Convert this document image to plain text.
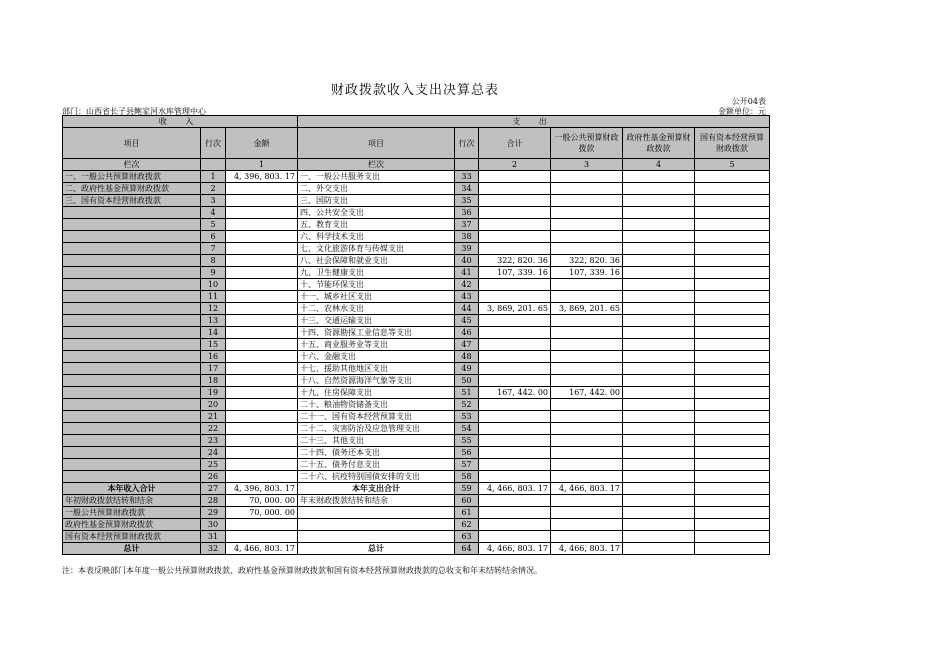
财政拨款收入支出决算总表
公开04表
部门：山西省长子县鲍家河水库管理中心	金额单位：元
收 入			支 出					
项目	行次	金额	项目	行次	合计	一般公共预算财政拨款	政府性基金预算财政拨款	国有资本经营预算财政拨款
栏次		1	栏次		2	3	4	5
一、一般公共预算财政拨款	1	4, 396, 803. 17	一、一般公共服务支出	33				
二、政府性基金预算财政拨款	2		二、外交支出	34				
三、国有资本经营财政拨款	3		三、国防支出	35				
	4		四、公共安全支出	36				
	5		五、教育支出	37				
	6		六、科学技术支出	38				
	7		七、文化旅游体育与传媒支出	39				
	8		八、社会保障和就业支出	40	322, 820. 36	322, 820. 36		
	9		九、卫生健康支出	41	107, 339. 16	107, 339. 16		
	10		十、节能环保支出	42				
	11		十一、城乡社区支出	43				
	12		十二、农林水支出	44	3, 869, 201. 65	3, 869, 201. 65		
	13		十三、交通运输支出	45				
	14		十四、资源勘探工业信息等支出	46				
	15		十五、商业服务业等支出	47				
	16		十六、金融支出	48				
	17		十七、援助其他地区支出	49				
	18		十八、自然资源海洋气象等支出	50				
	19		十九、住房保障支出	51	167, 442. 00	167, 442. 00		
	20		二十、粮油物资储备支出	52				
	21		二十一、国有资本经营预算支出	53				
	22		二十二、灾害防治及应急管理支出	54				
	23		二十三、其他支出	55				
	24		二十四、债务还本支出	56				
	25		二十五、债务付息支出	57				
	26		二十六、抗疫特别国债安排的支出	58				
本年收入合计	27	4, 396, 803. 17	本年支出合计	59	4, 466, 803. 17	4, 466, 803. 17		
年初财政拨款结转和结余	28	70, 000. 00	年末财政拨款结转和结余	60				
一般公共预算财政拨款	29	70, 000. 00		61				
政府性基金预算财政拨款	30			62				
国有资本经营预算财政拨款	31			63				
总计	32	4, 466, 803. 17	总计	64	4, 466, 803. 17	4, 466, 803. 17		
注：本表反映部门本年度一般公共预算财政拨款、政府性基金预算财政拨款和国有资本经营预算财政拨款的总收支和年末结转结余情况。
